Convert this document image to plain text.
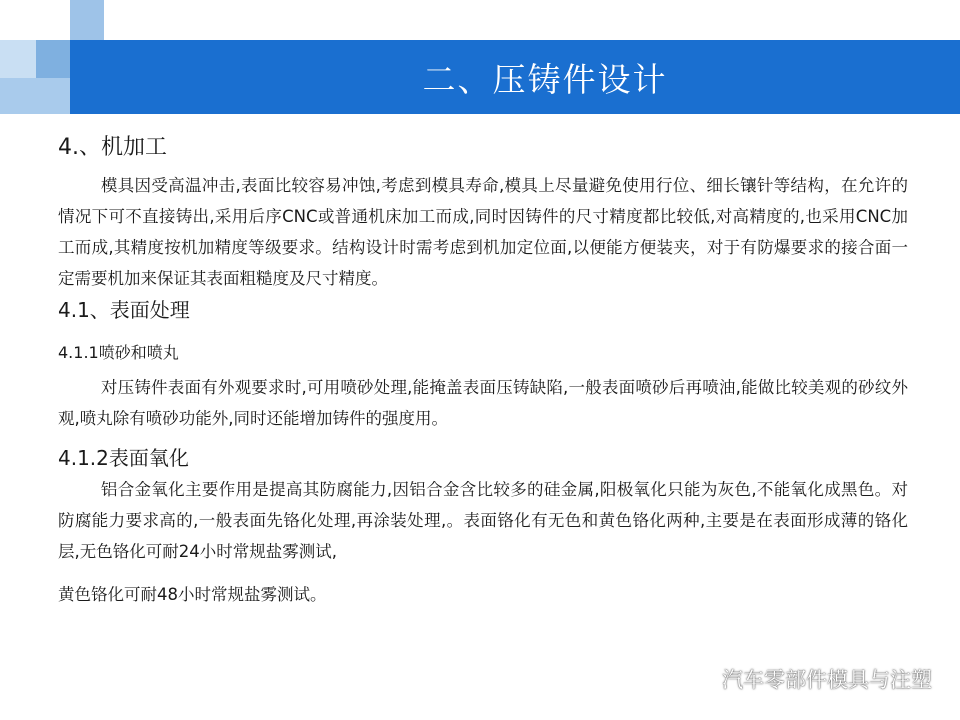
二、压铸件设计
4.、机加工

模具因受高温冲击,表面比较容易冲蚀,考虑到模具寿命,模具上尽量避免使用行位、细长镶针等结构，在允许的情况下可不直接铸出,采用后序CNC或普通机床加工而成,同时因铸件的尺寸精度都比较低,对高精度的,也采用CNC加工而成,其精度按机加精度等级要求。结构设计时需考虑到机加定位面,以便能方便装夹，对于有防爆要求的接合面一定需要机加来保证其表面粗糙度及尺寸精度。

4.1、表面处理
4.1.1喷砂和喷丸

对压铸件表面有外观要求时,可用喷砂处理,能掩盖表面压铸缺陷,一般表面喷砂后再喷油,能做比较美观的砂纹外观,喷丸除有喷砂功能外,同时还能增加铸件的强度用。

4.1.2表面氧化

铝合金氧化主要作用是提高其防腐能力,因铝合金含比较多的硅金属,阳极氧化只能为灰色,不能氧化成黑色。对防腐能力要求高的,一般表面先铬化处理,再涂装处理,。表面铬化有无色和黄色铬化两种,主要是在表面形成薄的铬化层,无色铬化可耐24小时常规盐雾测试,

黄色铬化可耐48小时常规盐雾测试。

汽车零部件模具与注塑
